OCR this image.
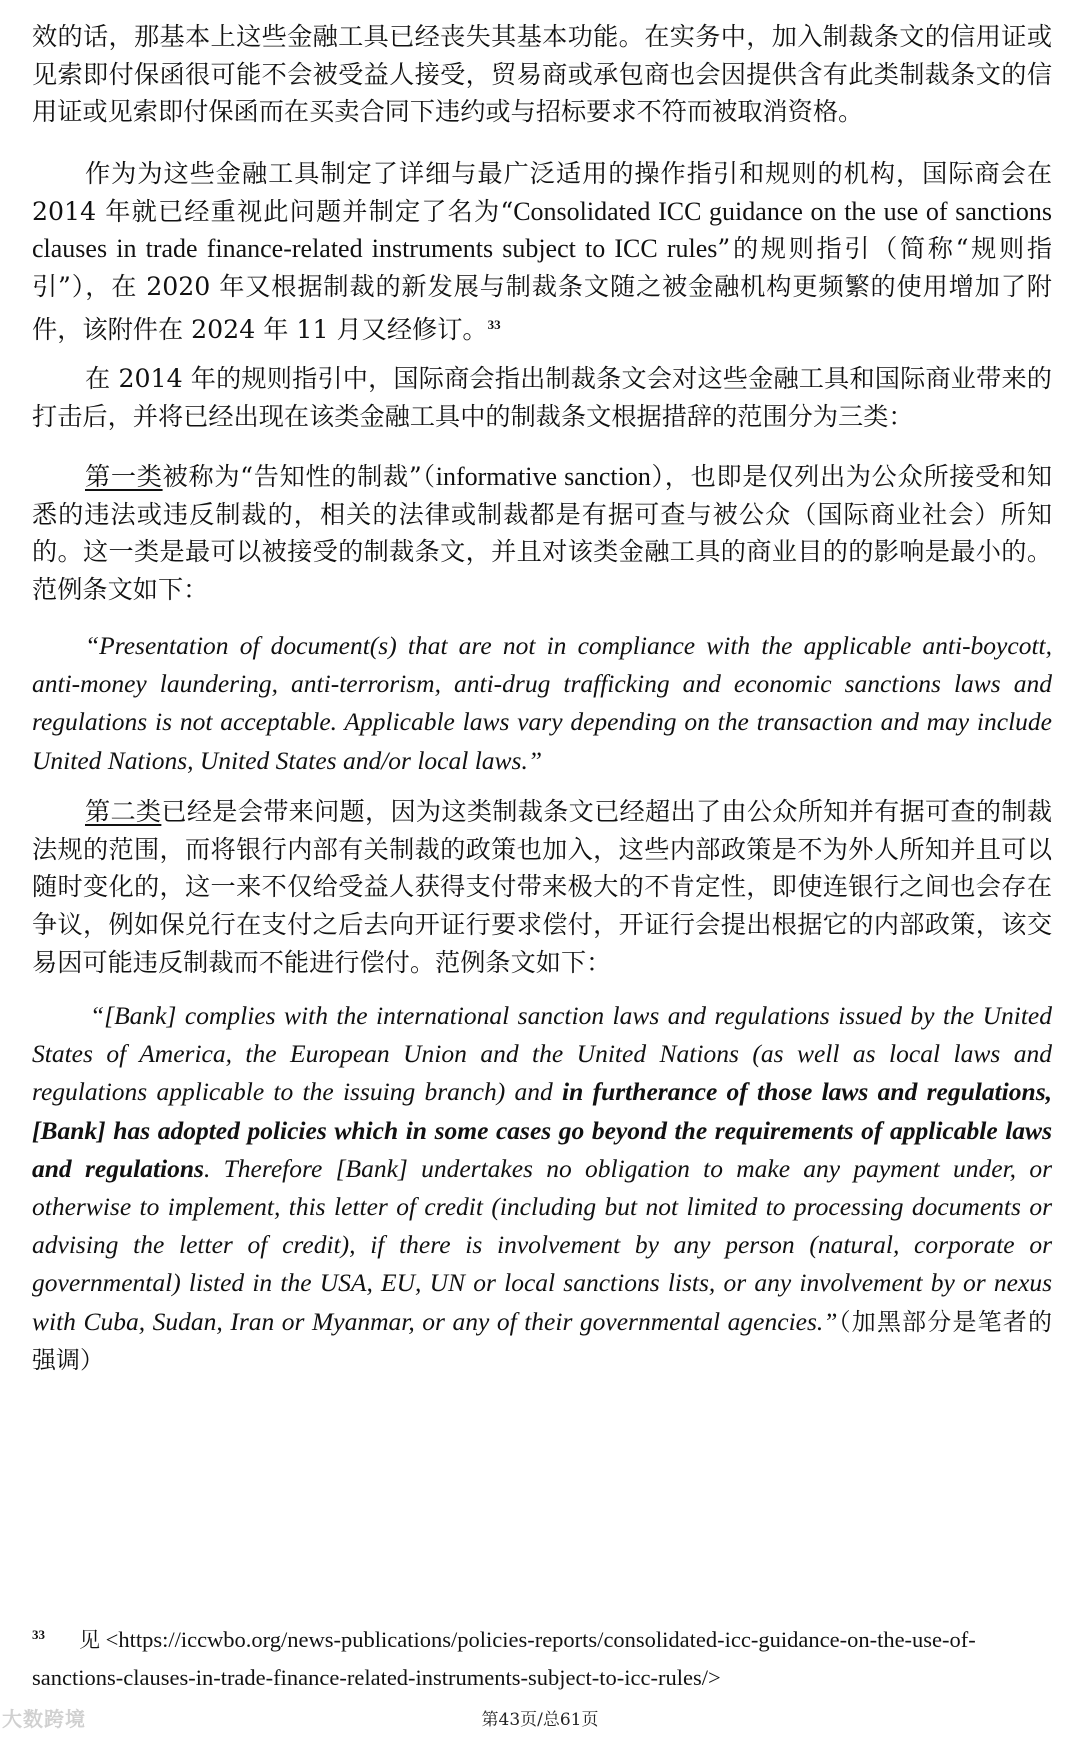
效的话，那基本上这些金融工具已经丧失其基本功能。在实务中，加入制裁条文的信用证或见索即付保函很可能不会被受益人接受，贸易商或承包商也会因提供含有此类制裁条文的信用证或见索即付保函而在买卖合同下违约或与招标要求不符而被取消资格。

作为为这些金融工具制定了详细与最广泛适用的操作指引和规则的机构，国际商会在 2014 年就已经重视此问题并制定了名为“Consolidated ICC guidance on the use of sanctions clauses in trade finance-related instruments subject to ICC rules”的规则指引（简称“规则指引”），在 2020 年又根据制裁的新发展与制裁条文随之被金融机构更频繁的使用增加了附件，该附件在 2024 年 11 月又经修订。$^{33}$

在 2014 年的规则指引中，国际商会指出制裁条文会对这些金融工具和国际商业带来的打击后，并将已经出现在该类金融工具中的制裁条文根据措辞的范围分为三类：

第一类被称为“告知性的制裁”（informative sanction），也即是仅列出为公众所接受和知悉的违法或违反制裁的，相关的法律或制裁都是有据可查与被公众（国际商业社会）所知的。这一类是最可以被接受的制裁条文，并且对该类金融工具的商业目的的影响是最小的。范例条文如下：

“Presentation of document(s) that are not in compliance with the applicable anti-boycott, anti-money laundering, anti-terrorism, anti-drug trafficking and economic sanctions laws and regulations is not acceptable. Applicable laws vary depending on the transaction and may include United Nations, United States and/or local laws.”

第二类已经是会带来问题，因为这类制裁条文已经超出了由公众所知并有据可查的制裁法规的范围，而将银行内部有关制裁的政策也加入，这些内部政策是不为外人所知并且可以随时变化的，这一来不仅给受益人获得支付带来极大的不肯定性，即使连银行之间也会存在争议，例如保兑行在支付之后去向开证行要求偿付，开证行会提出根据它的内部政策，该交易因可能违反制裁而不能进行偿付。范例条文如下：

“[Bank] complies with the international sanction laws and regulations issued by the United States of America, the European Union and the United Nations (as well as local laws and regulations applicable to the issuing branch) and in furtherance of those laws and regulations, [Bank] has adopted policies which in some cases go beyond the requirements of applicable laws and regulations. Therefore [Bank] undertakes no obligation to make any payment under, or otherwise to implement, this letter of credit (including but not limited to processing documents or advising the letter of credit), if there is involvement by any person (natural, corporate or governmental) listed in the USA, EU, UN or local sanctions lists, or any involvement by or nexus with Cuba, Sudan, Iran or Myanmar, or any of their governmental agencies.”（加黑部分是笔者的强调）

$^{33}$ 见 <https://iccwbo.org/news-publications/policies-reports/consolidated-icc-guidance-on-the-use-of-sanctions-clauses-in-trade-finance-related-instruments-subject-to-icc-rules/>

大数跨境	第43页/总61页
